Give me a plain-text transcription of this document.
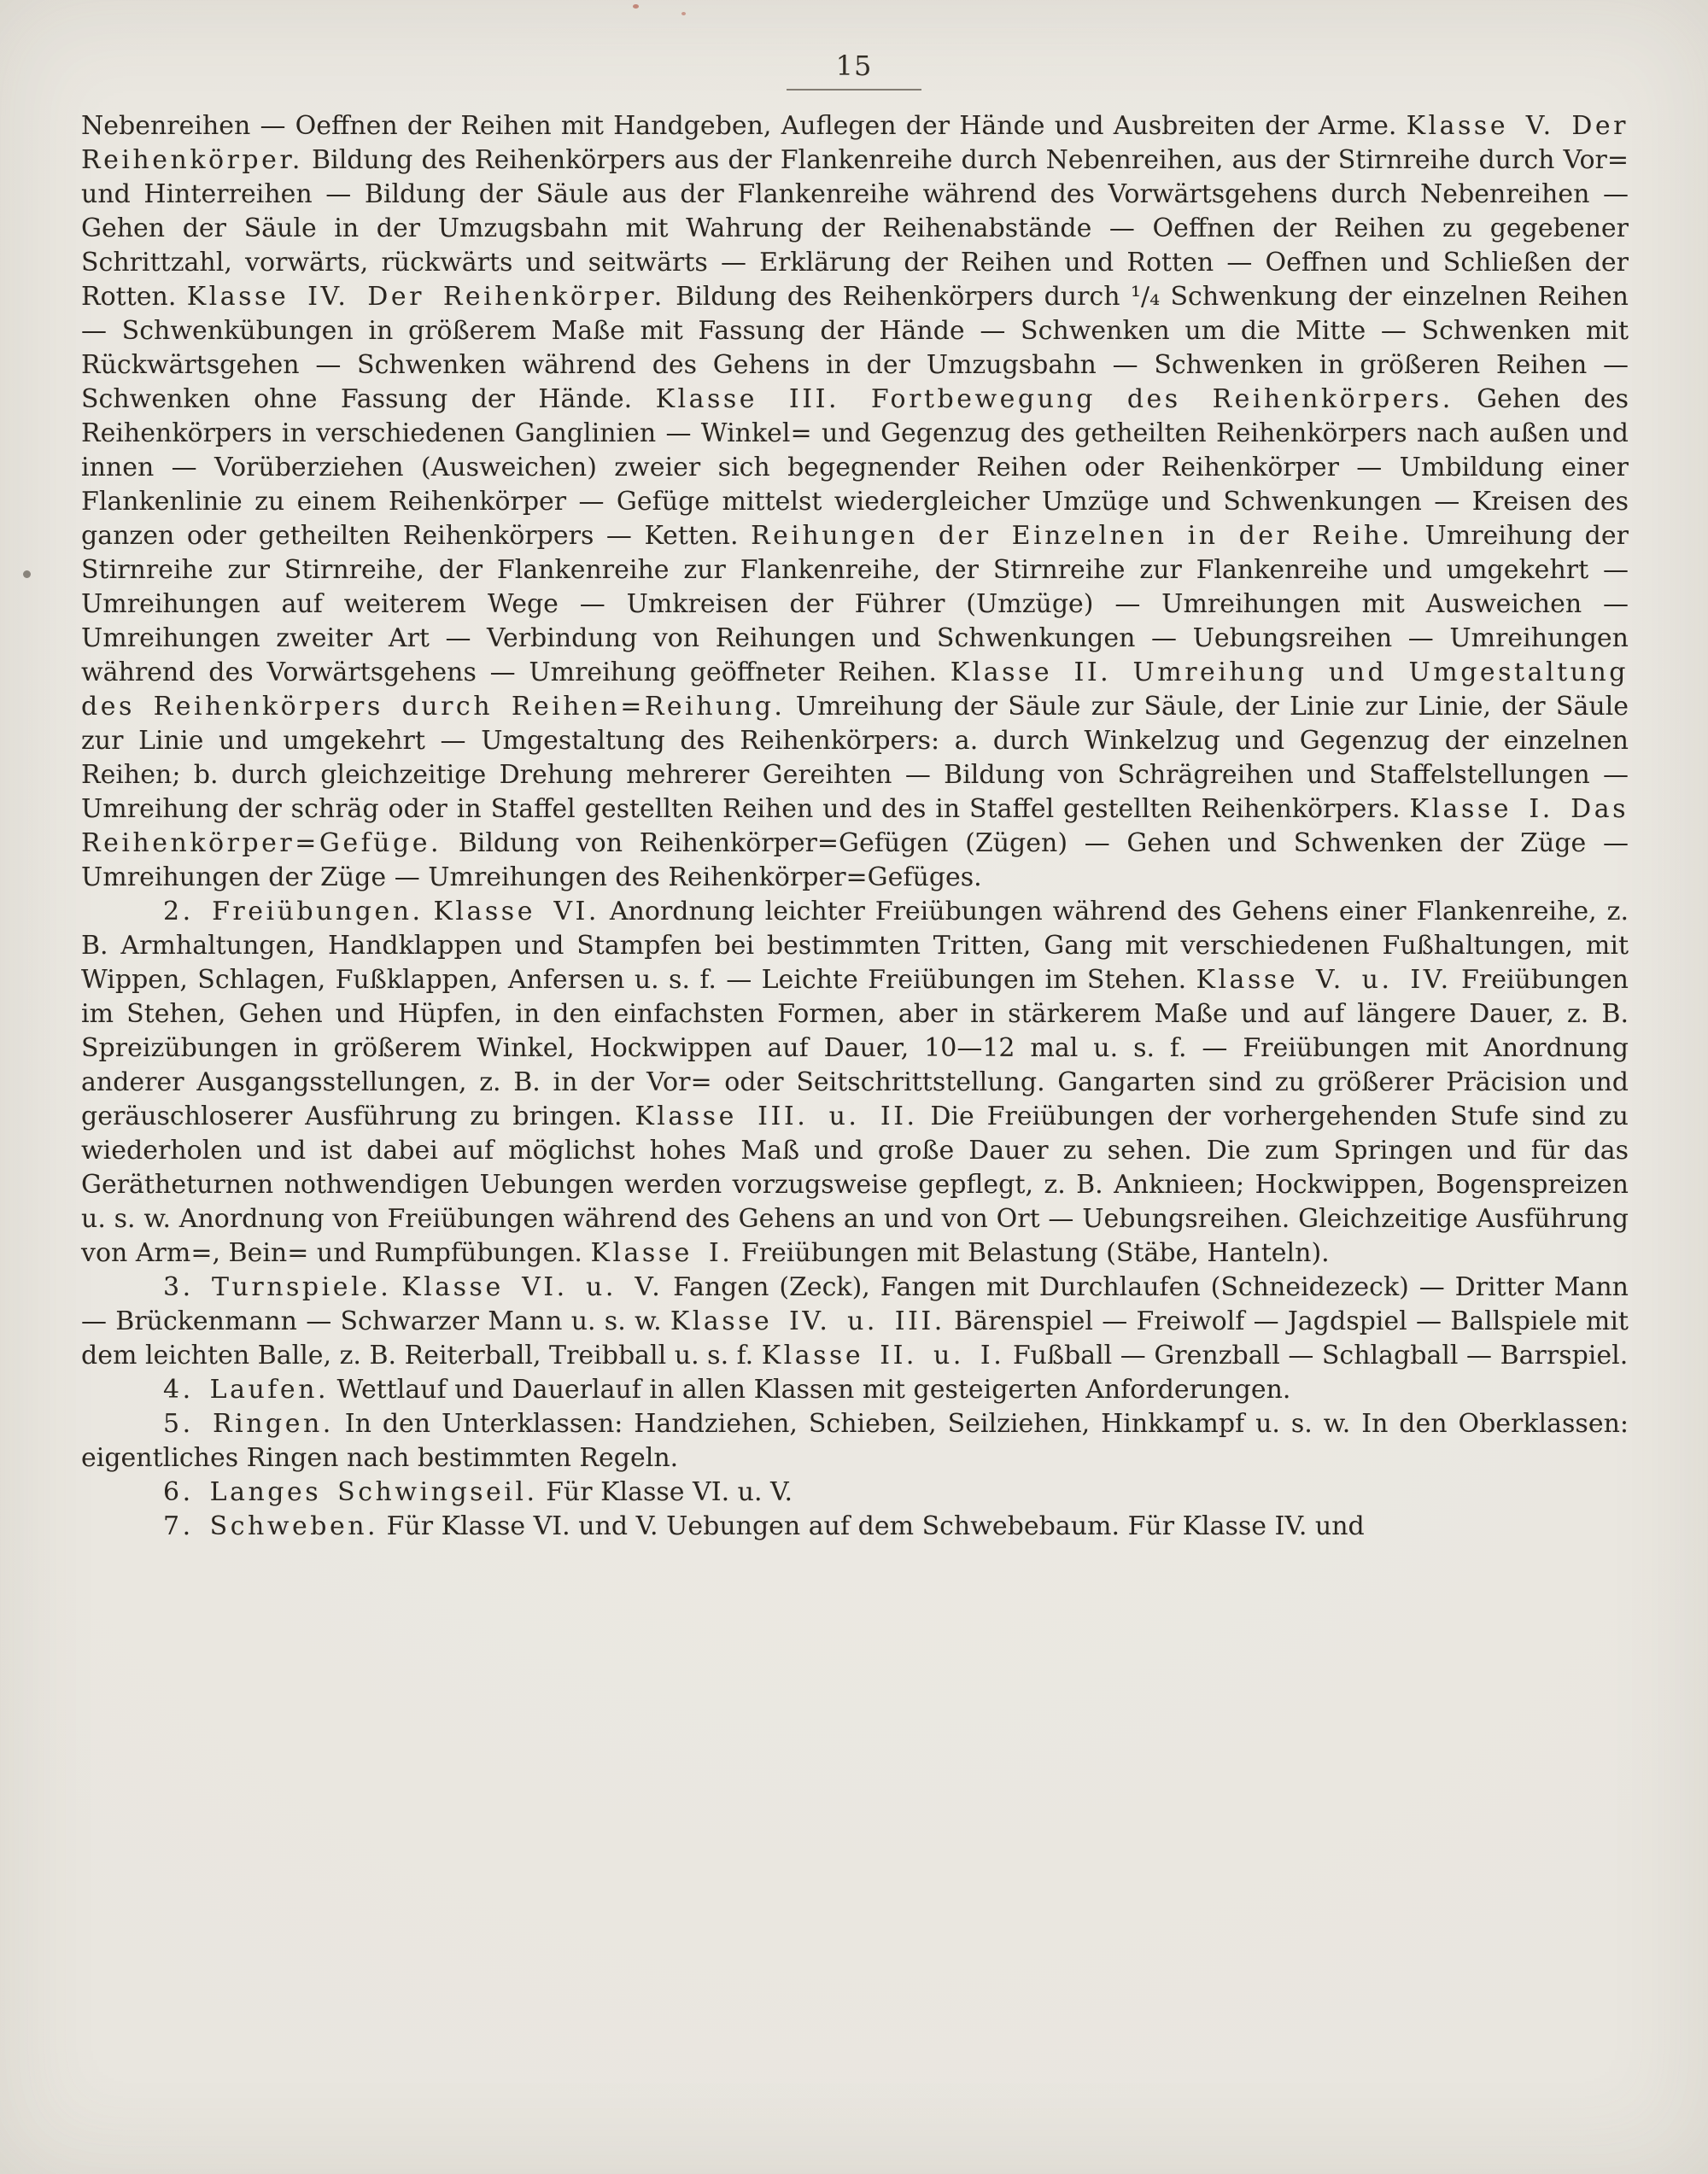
15

Nebenreihen — Oeffnen der Reihen mit Handgeben, Auflegen der Hände und Ausbreiten der Arme. Klasse V. Der Reihenkörper. Bildung des Reihenkörpers aus der Flankenreihe durch Nebenreihen, aus der Stirnreihe durch Vor= und Hinterreihen — Bildung der Säule aus der Flankenreihe während des Vorwärtsgehens durch Nebenreihen — Gehen der Säule in der Umzugsbahn mit Wahrung der Reihenabstände — Oeffnen der Reihen zu gegebener Schrittzahl, vorwärts, rückwärts und seitwärts — Erklärung der Reihen und Rotten — Oeffnen und Schließen der Rotten. Klasse IV. Der Reihenkörper. Bildung des Reihenkörpers durch ¹/₄ Schwenkung der einzelnen Reihen — Schwenkübungen in größerem Maße mit Fassung der Hände — Schwenken um die Mitte — Schwenken mit Rückwärtsgehen — Schwenken während des Gehens in der Umzugsbahn — Schwenken in größeren Reihen — Schwenken ohne Fassung der Hände. Klasse III. Fortbewegung des Reihenkörpers. Gehen des Reihenkörpers in verschiedenen Ganglinien — Winkel= und Gegenzug des getheilten Reihenkörpers nach außen und innen — Vorüberziehen (Ausweichen) zweier sich begegnender Reihen oder Reihenkörper — Umbildung einer Flankenlinie zu einem Reihenkörper — Gefüge mittelst wiedergleicher Umzüge und Schwenkungen — Kreisen des ganzen oder getheilten Reihenkörpers — Ketten. Reihungen der Einzelnen in der Reihe. Umreihung der Stirnreihe zur Stirnreihe, der Flankenreihe zur Flankenreihe, der Stirnreihe zur Flankenreihe und umgekehrt — Umreihungen auf weiterem Wege — Umkreisen der Führer (Umzüge) — Umreihungen mit Ausweichen — Umreihungen zweiter Art — Verbindung von Reihungen und Schwenkungen — Uebungsreihen — Umreihungen während des Vorwärtsgehens — Umreihung geöffneter Reihen. Klasse II. Umreihung und Umgestaltung des Reihenkörpers durch Reihen=Reihung. Umreihung der Säule zur Säule, der Linie zur Linie, der Säule zur Linie und umgekehrt — Umgestaltung des Reihenkörpers: a. durch Winkelzug und Gegenzug der einzelnen Reihen; b. durch gleichzeitige Drehung mehrerer Gereihten — Bildung von Schrägreihen und Staffelstellungen — Umreihung der schräg oder in Staffel gestellten Reihen und des in Staffel gestellten Reihenkörpers. Klasse I. Das Reihenkörper=Gefüge. Bildung von Reihenkörper=Gefügen (Zügen) — Gehen und Schwenken der Züge — Umreihungen der Züge — Umreihungen des Reihenkörper=Gefüges.

2. Freiübungen. Klasse VI. Anordnung leichter Freiübungen während des Gehens einer Flankenreihe, z. B. Armhaltungen, Handklappen und Stampfen bei bestimmten Tritten, Gang mit verschiedenen Fußhaltungen, mit Wippen, Schlagen, Fußklappen, Anfersen u. s. f. — Leichte Freiübungen im Stehen. Klasse V. u. IV. Freiübungen im Stehen, Gehen und Hüpfen, in den einfachsten Formen, aber in stärkerem Maße und auf längere Dauer, z. B. Spreizübungen in größerem Winkel, Hockwippen auf Dauer, 10—12 mal u. s. f. — Freiübungen mit Anordnung anderer Ausgangsstellungen, z. B. in der Vor= oder Seitschrittstellung. Gangarten sind zu größerer Präcision und geräuschloserer Ausführung zu bringen. Klasse III. u. II. Die Freiübungen der vorhergehenden Stufe sind zu wiederholen und ist dabei auf möglichst hohes Maß und große Dauer zu sehen. Die zum Springen und für das Gerätheturnen nothwendigen Uebungen werden vorzugsweise gepflegt, z. B. Anknieen; Hockwippen, Bogenspreizen u. s. w. Anordnung von Freiübungen während des Gehens an und von Ort — Uebungsreihen. Gleichzeitige Ausführung von Arm=, Bein= und Rumpfübungen. Klasse I. Freiübungen mit Belastung (Stäbe, Hanteln).

3. Turnspiele. Klasse VI. u. V. Fangen (Zeck), Fangen mit Durchlaufen (Schneidezeck) — Dritter Mann — Brückenmann — Schwarzer Mann u. s. w. Klasse IV. u. III. Bärenspiel — Freiwolf — Jagdspiel — Ballspiele mit dem leichten Balle, z. B. Reiterball, Treibball u. s. f. Klasse II. u. I. Fußball — Grenzball — Schlagball — Barrspiel.

4. Laufen. Wettlauf und Dauerlauf in allen Klassen mit gesteigerten Anforderungen.

5. Ringen. In den Unterklassen: Handziehen, Schieben, Seilziehen, Hinkkampf u. s. w. In den Oberklassen: eigentliches Ringen nach bestimmten Regeln.

6. Langes Schwingseil. Für Klasse VI. u. V.

7. Schweben. Für Klasse VI. und V. Uebungen auf dem Schwebebaum. Für Klasse IV. und
